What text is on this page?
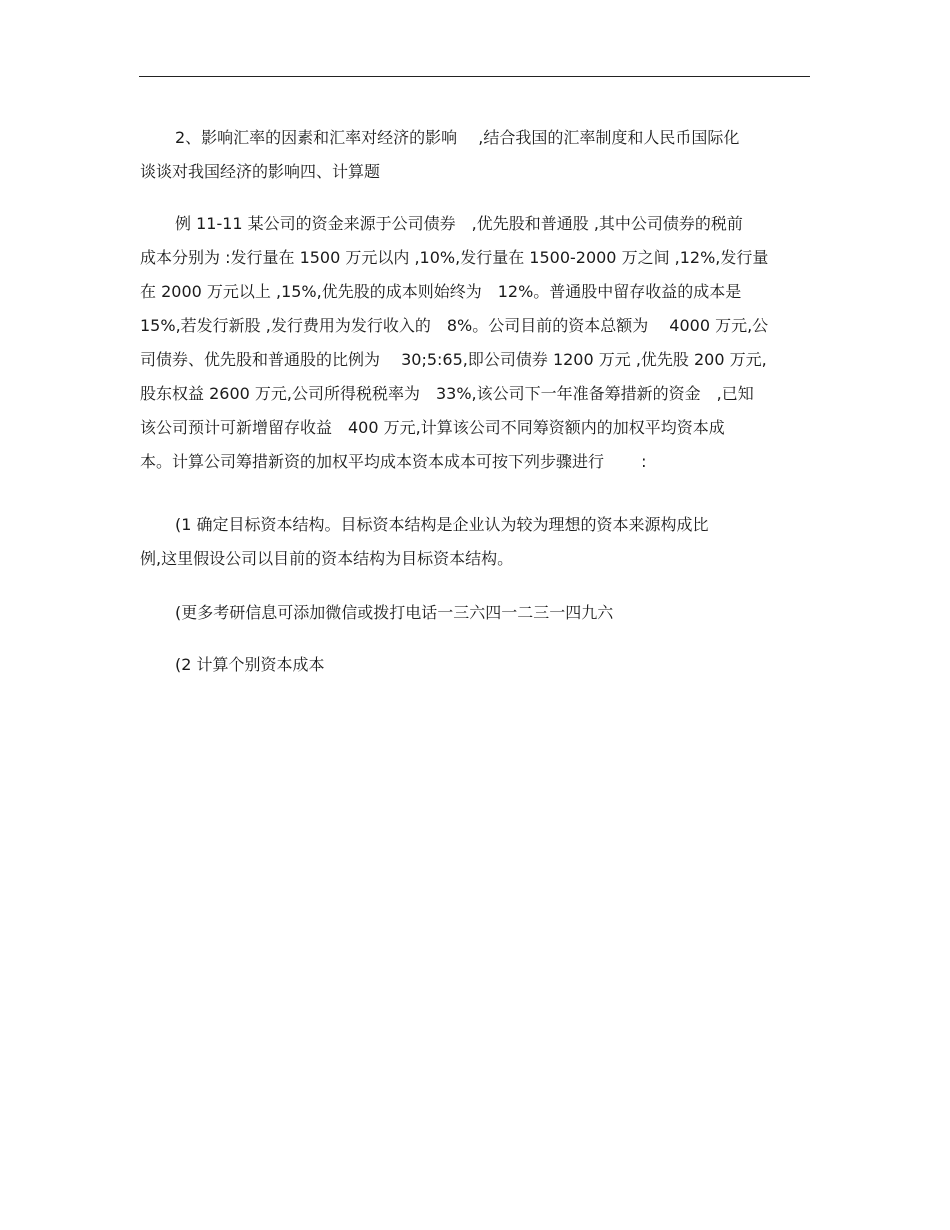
2、影响汇率的因素和汇率对经济的影响　 ,结合我国的汇率制度和人民币国际化
谈谈对我国经济的影响四、计算题

例 11-11 某公司的资金来源于公司债券　,优先股和普通股 ,其中公司债券的税前
成本分别为 :发行量在 1500 万元以内 ,10%,发行量在 1500-2000 万之间 ,12%,发行量
在 2000 万元以上 ,15%,优先股的成本则始终为　12%。普通股中留存收益的成本是
15%,若发行新股 ,发行费用为发行收入的　8%。公司目前的资本总额为　 4000 万元,公
司债券、优先股和普通股的比例为　 30;5:65,即公司债券 1200 万元 ,优先股 200 万元,
股东权益 2600 万元,公司所得税税率为　33%,该公司下一年准备筹措新的资金　,已知
该公司预计可新增留存收益　400 万元,计算该公司不同筹资额内的加权平均资本成
本。计算公司筹措新资的加权平均成本资本成本可按下列步骤进行　　 :

(1 确定目标资本结构。目标资本结构是企业认为较为理想的资本来源构成比
例,这里假设公司以目前的资本结构为目标资本结构。

(更多考研信息可添加微信或拨打电话一三六四一二三一四九六

(2 计算个别资本成本
